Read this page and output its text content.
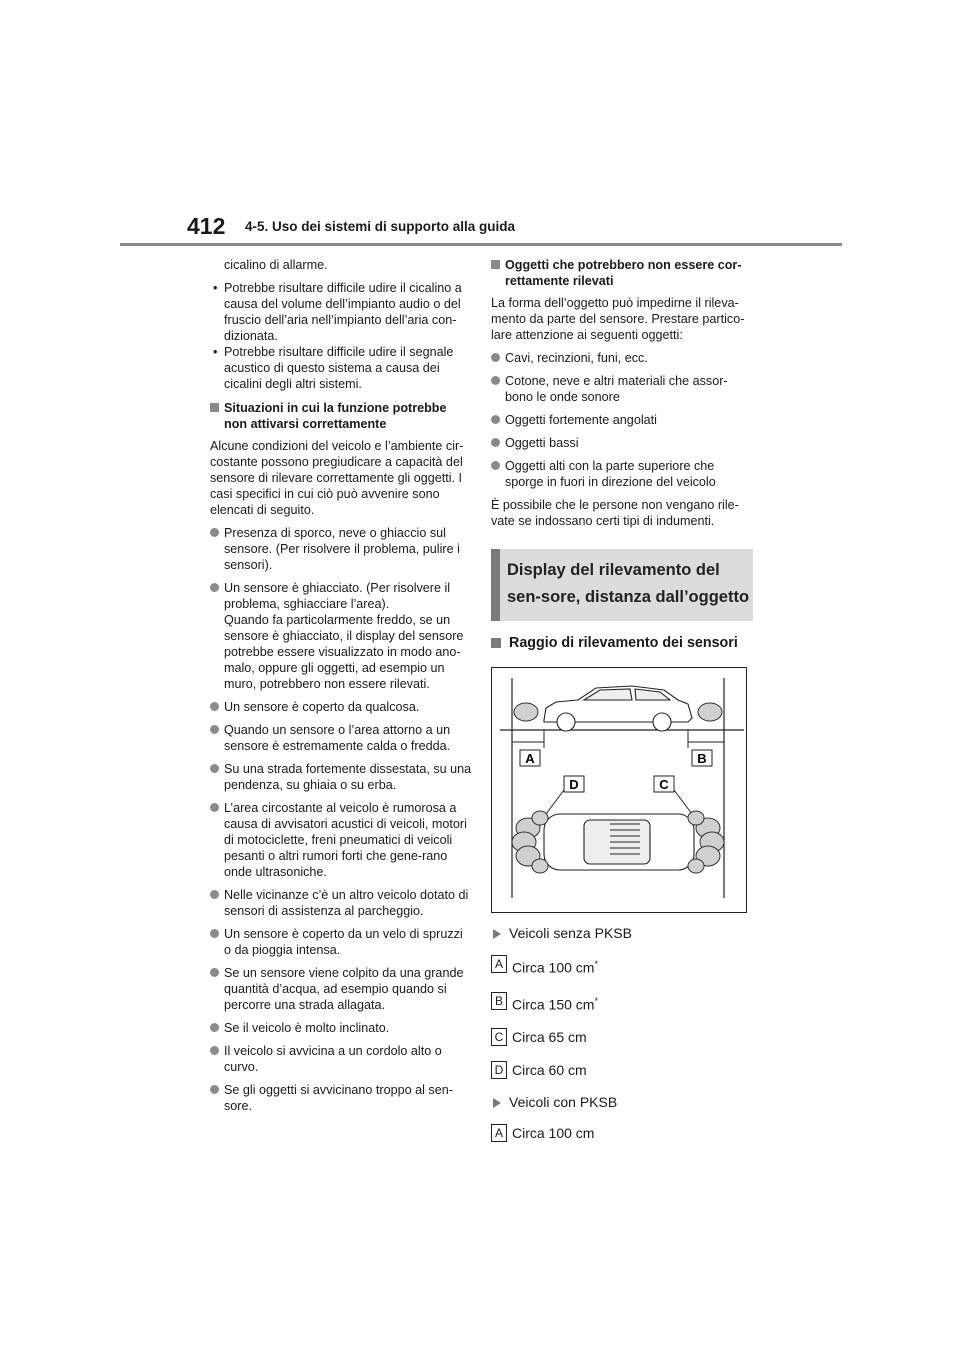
412 4-5. Uso dei sistemi di supporto alla guida

cicalino di allarme.

• Potrebbe risultare difficile udire il cicalino a causa del volume dell’impianto audio o del fruscio dell’aria nell’impianto dell’aria con-dizionata.

• Potrebbe risultare difficile udire il segnale acustico di questo sistema a causa dei cicalini degli altri sistemi.

Situazioni in cui la funzione potrebbe non attivarsi correttamente

Alcune condizioni del veicolo e l’ambiente cir-costante possono pregiudicare a capacità del sensore di rilevare correttamente gli oggetti. I casi specifici in cui ciò può avvenire sono elencati di seguito.

Presenza di sporco, neve o ghiaccio sul sensore. (Per risolvere il problema, pulire i sensori).
Un sensore è ghiacciato. (Per risolvere il problema, sghiacciare l’area).
Quando fa particolarmente freddo, se un sensore è ghiacciato, il display del sensore potrebbe essere visualizzato in modo ano-malo, oppure gli oggetti, ad esempio un muro, potrebbero non essere rilevati.
Un sensore è coperto da qualcosa.
Quando un sensore o l’area attorno a un sensore è estremamente calda o fredda.
Su una strada fortemente dissestata, su una pendenza, su ghiaia o su erba.
L’area circostante al veicolo è rumorosa a causa di avvisatori acustici di veicoli, motori di motociclette, freni pneumatici di veicoli pesanti o altri rumori forti che gene-rano onde ultrasoniche.
Nelle vicinanze c’è un altro veicolo dotato di sensori di assistenza al parcheggio.
Un sensore è coperto da un velo di spruzzi o da pioggia intensa.
Se un sensore viene colpito da una grande quantità d’acqua, ad esempio quando si percorre una strada allagata.
Se il veicolo è molto inclinato.
Il veicolo si avvicina a un cordolo alto o curvo.
Se gli oggetti si avvicinano troppo al sen-sore.
Oggetti che potrebbero non essere cor-rettamente rilevati

La forma dell’oggetto può impedirne il rileva-mento da parte del sensore. Prestare partico-lare attenzione ai seguenti oggetti:

Cavi, recinzioni, funi, ecc.
Cotone, neve e altri materiali che assor-bono le onde sonore
Oggetti fortemente angolati
Oggetti bassi
Oggetti alti con la parte superiore che sporge in fuori in direzione del veicolo

È possibile che le persone non vengano rile-vate se indossano certi tipi di indumenti.

Display del rilevamento del sen-sore, distanza dall’oggetto
Raggio di rilevamento dei sensori
A	B
D	C
Veicoli senza PKSB
A Circa 100 cm*
B Circa 150 cm*
C Circa 65 cm
D Circa 60 cm
Veicoli con PKSB
A Circa 100 cm
